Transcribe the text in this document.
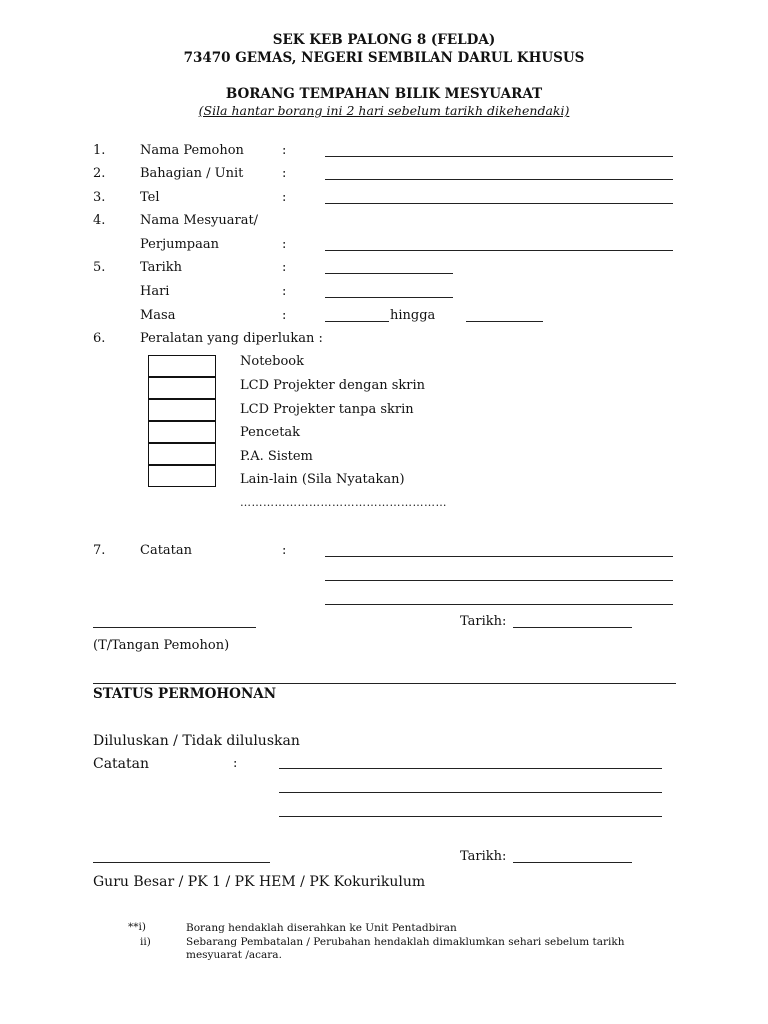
SEK KEB PALONG 8 (FELDA)
73470 GEMAS, NEGERI SEMBILAN DARUL KHUSUS
BORANG TEMPAHAN BILIK MESYUARAT
(Sila hantar borang ini 2 hari sebelum tarikh dikehendaki)
1.	Nama Pemohon	:
2.	Bahagian / Unit	:
3.	Tel	:
4.	Nama Mesyuarat/
Perjumpaan	:
5.	Tarikh	:
Hari	:
Masa	:	hingga
6.	Peralatan yang diperlukan :
Notebook
LCD Projekter dengan skrin
LCD Projekter tanpa skrin
Pencetak
P.A. Sistem
Lain-lain (Sila Nyatakan)
………………………………………………
7.	Catatan	:
Tarikh:
(T/Tangan Pemohon)
STATUS PERMOHONAN
Diluluskan / Tidak diluluskan
Catatan	:
Tarikh:
Guru Besar / PK 1 / PK HEM / PK Kokurikulum
**i)	Borang hendaklah diserahkan ke Unit Pentadbiran
ii)	Sebarang Pembatalan / Perubahan hendaklah dimaklumkan sehari sebelum tarikh
mesyuarat /acara.
